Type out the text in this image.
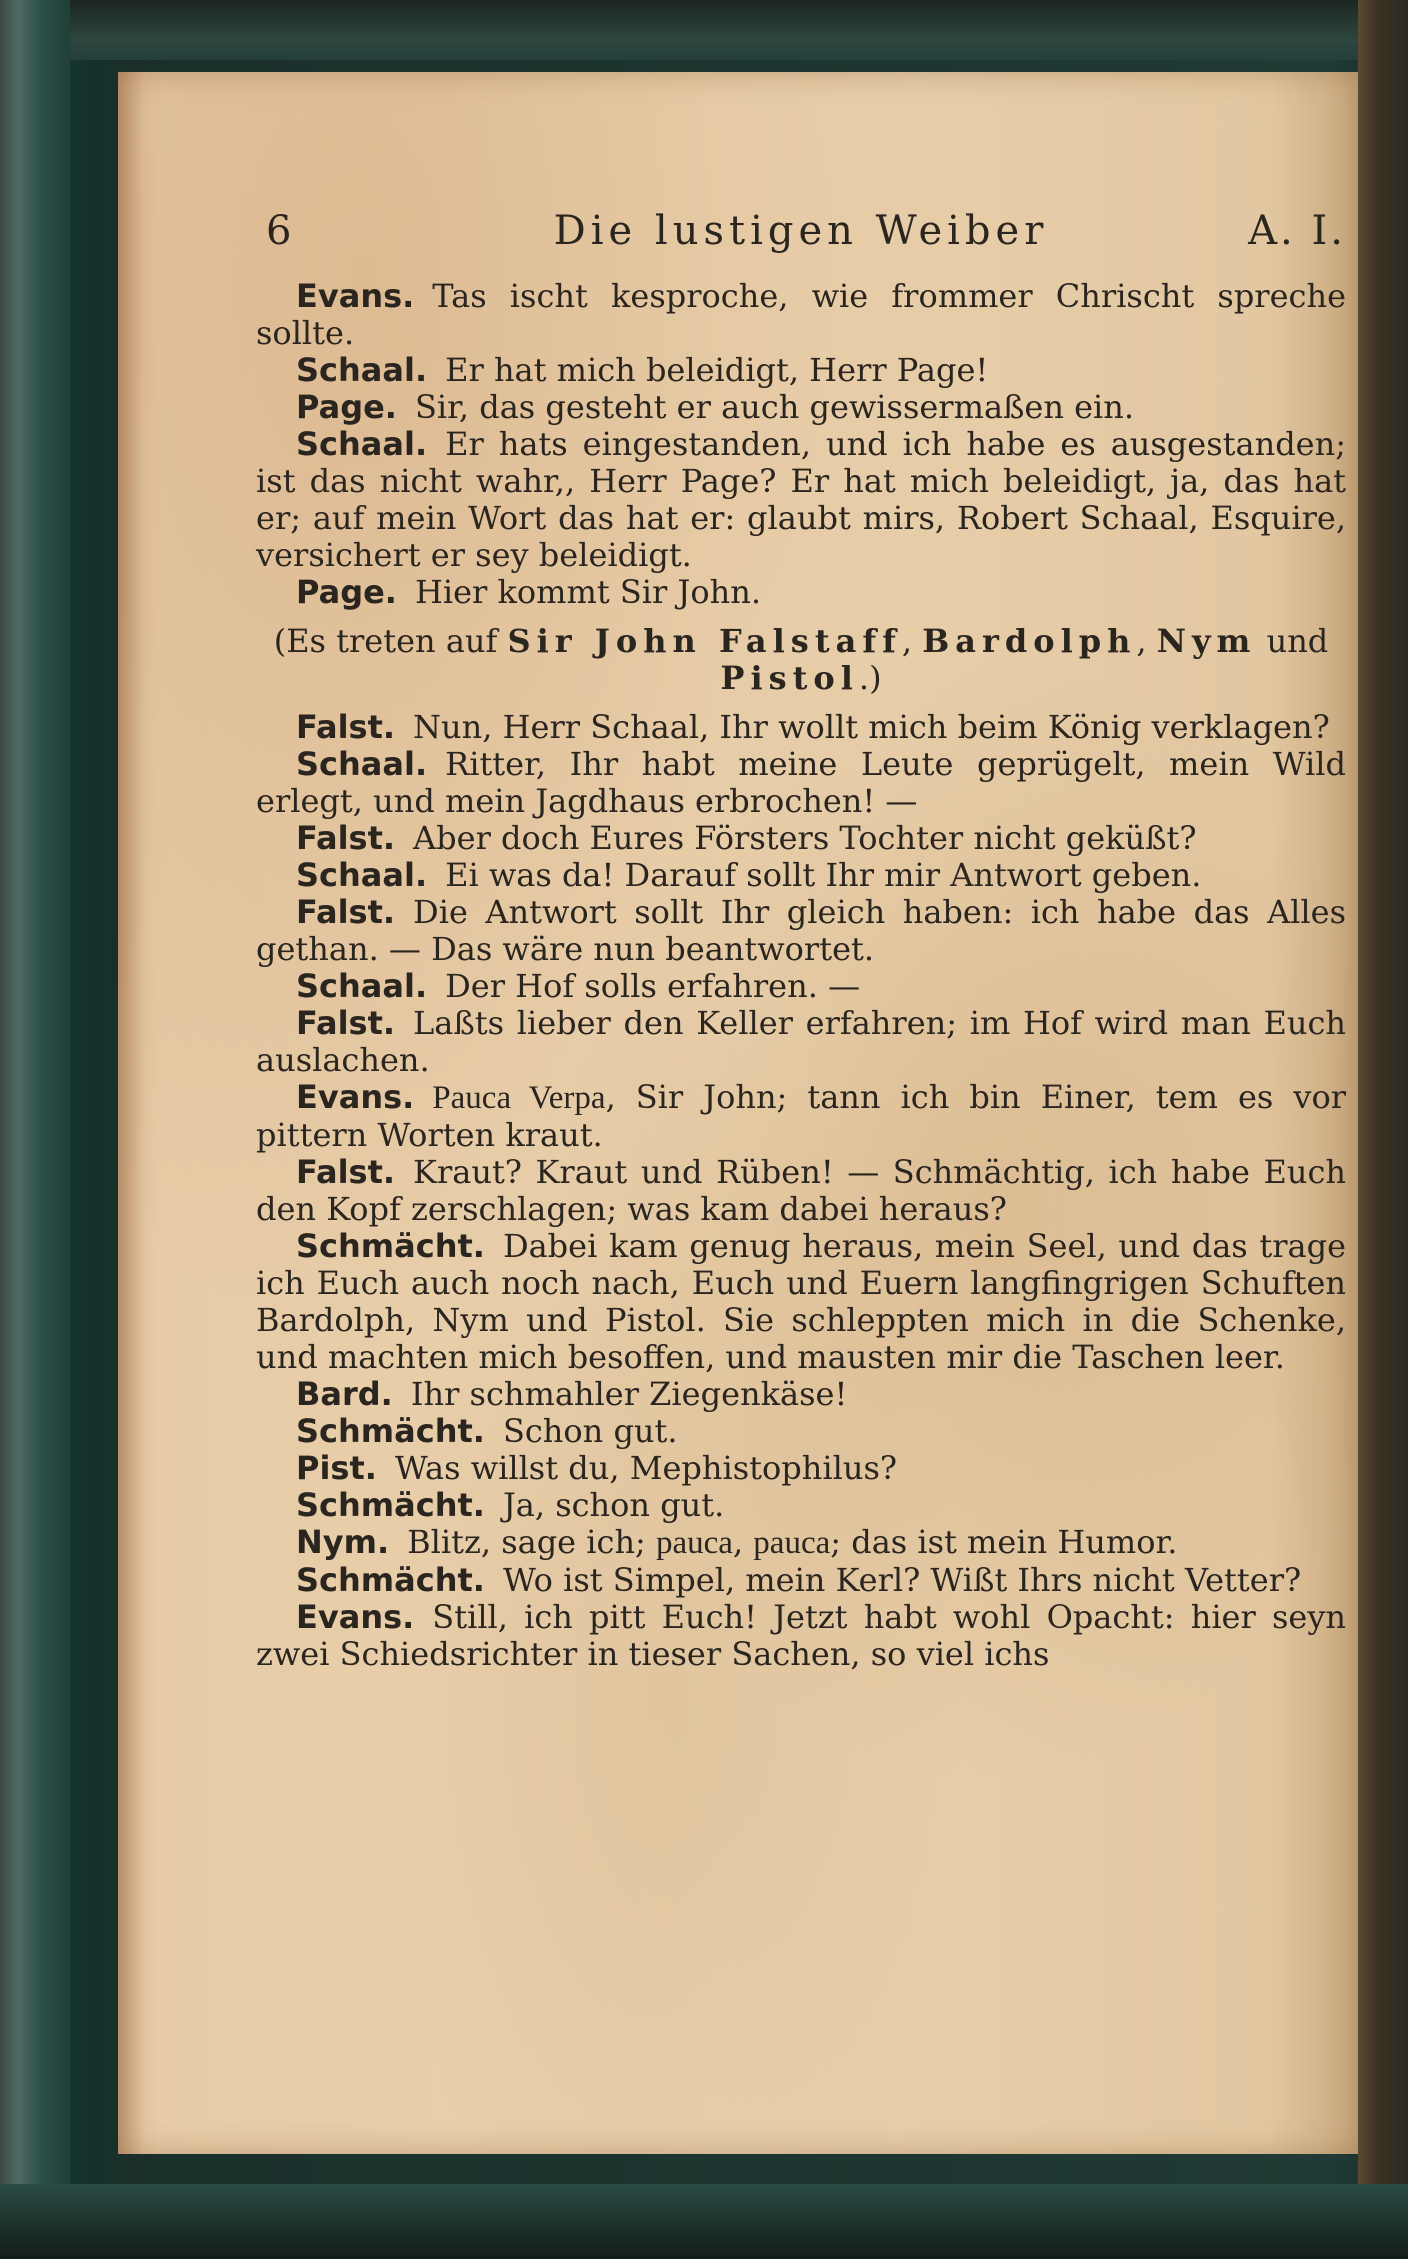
6	Die lustigen Weiber	A. I.

Evans. Tas ischt kesproche, wie frommer Chrischt spreche sollte.

Schaal. Er hat mich beleidigt, Herr Page!

Page. Sir, das gesteht er auch gewissermaßen ein.

Schaal. Er hats eingestanden, und ich habe es ausgestanden; ist das nicht wahr,, Herr Page? Er hat mich beleidigt, ja, das hat er; auf mein Wort das hat er: glaubt mirs, Robert Schaal, Esquire, versichert er sey beleidigt.

Page. Hier kommt Sir John.

(Es treten auf Sir John Falstaff, Bardolph, Nym und Pistol.)

Falst. Nun, Herr Schaal, Ihr wollt mich beim König verklagen?

Schaal. Ritter, Ihr habt meine Leute geprügelt, mein Wild erlegt, und mein Jagdhaus erbrochen! —

Falst. Aber doch Eures Försters Tochter nicht geküßt?

Schaal. Ei was da! Darauf sollt Ihr mir Antwort geben.

Falst. Die Antwort sollt Ihr gleich haben: ich habe das Alles gethan. — Das wäre nun beantwortet.

Schaal. Der Hof solls erfahren. —

Falst. Laßts lieber den Keller erfahren; im Hof wird man Euch auslachen.

Evans. Pauca Verpa, Sir John; tann ich bin Einer, tem es vor pittern Worten kraut.

Falst. Kraut? Kraut und Rüben! — Schmächtig, ich habe Euch den Kopf zerschlagen; was kam dabei heraus?

Schmächt. Dabei kam genug heraus, mein Seel, und das trage ich Euch auch noch nach, Euch und Euern langfingrigen Schuften Bardolph, Nym und Pistol. Sie schleppten mich in die Schenke, und machten mich besoffen, und mausten mir die Taschen leer.

Bard. Ihr schmahler Ziegenkäse!

Schmächt. Schon gut.

Pist. Was willst du, Mephistophilus?

Schmächt. Ja, schon gut.

Nym. Blitz, sage ich; pauca, pauca; das ist mein Humor.

Schmächt. Wo ist Simpel, mein Kerl? Wißt Ihrs nicht Vetter?

Evans. Still, ich pitt Euch! Jetzt habt wohl Opacht: hier seyn zwei Schiedsrichter in tieser Sachen, so viel ichs
